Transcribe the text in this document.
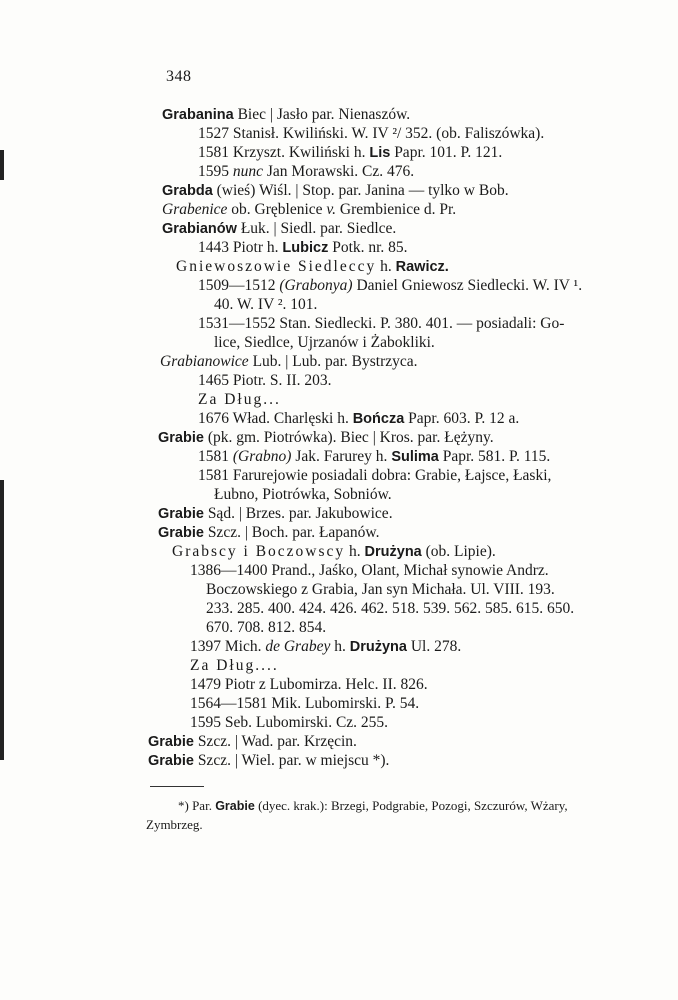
348
Grabanina Biec | Jasło par. Nienaszów.
1527 Stanisł. Kwiliński. W. IV ²/ 352. (ob. Faliszówka).
1581 Krzyszt. Kwiliński h. Lis Papr. 101. P. 121.
1595 nunc Jan Morawski. Cz. 476.
Grabda (wieś) Wiśl. | Stop. par. Janina — tylko w Bob.
Grabenice ob. Gręblenice v. Grembienice d. Pr.
Grabianów Łuk. | Siedl. par. Siedlce.
1443 Piotr h. Lubicz Potk. nr. 85.
Gniewoszowie Siedleccy h. Rawicz.
1509—1512 (Grabonya) Daniel Gniewosz Siedlecki. W. IV ¹.
40. W. IV ². 101.
1531—1552 Stan. Siedlecki. P. 380. 401. — posiadali: Go-
lice, Siedlce, Ujrzanów i Żabokliki.
Grabianowice Lub. | Lub. par. Bystrzyca.
1465 Piotr. S. II. 203.
Za Dług...
1676 Wład. Charlęski h. Bończa Papr. 603. P. 12 a.
Grabie (pk. gm. Piotrówka). Biec | Kros. par. Łężyny.
1581 (Grabno) Jak. Farurey h. Sulima Papr. 581. P. 115.
1581 Farurejowie posiadali dobra: Grabie, Łajsce, Łaski,
Łubno, Piotrówka, Sobniów.
Grabie Sąd. | Brzes. par. Jakubowice.
Grabie Szcz. | Boch. par. Łapanów.
Grabscy i Boczowscy h. Drużyna (ob. Lipie).
1386—1400 Prand., Jaśko, Olant, Michał synowie Andrz.
Boczowskiego z Grabia, Jan syn Michała. Ul. VIII. 193.
233. 285. 400. 424. 426. 462. 518. 539. 562. 585. 615. 650.
670. 708. 812. 854.
1397 Mich. de Grabey h. Drużyna Ul. 278.
Za Dług....
1479 Piotr z Lubomirza. Helc. II. 826.
1564—1581 Mik. Lubomirski. P. 54.
1595 Seb. Lubomirski. Cz. 255.
Grabie Szcz. | Wad. par. Krzęcin.
Grabie Szcz. | Wiel. par. w miejscu *).
*) Par. Grabie (dyec. krak.): Brzegi, Podgrabie, Pozogi, Szczurów, Wżary,
Zymbrzeg.
